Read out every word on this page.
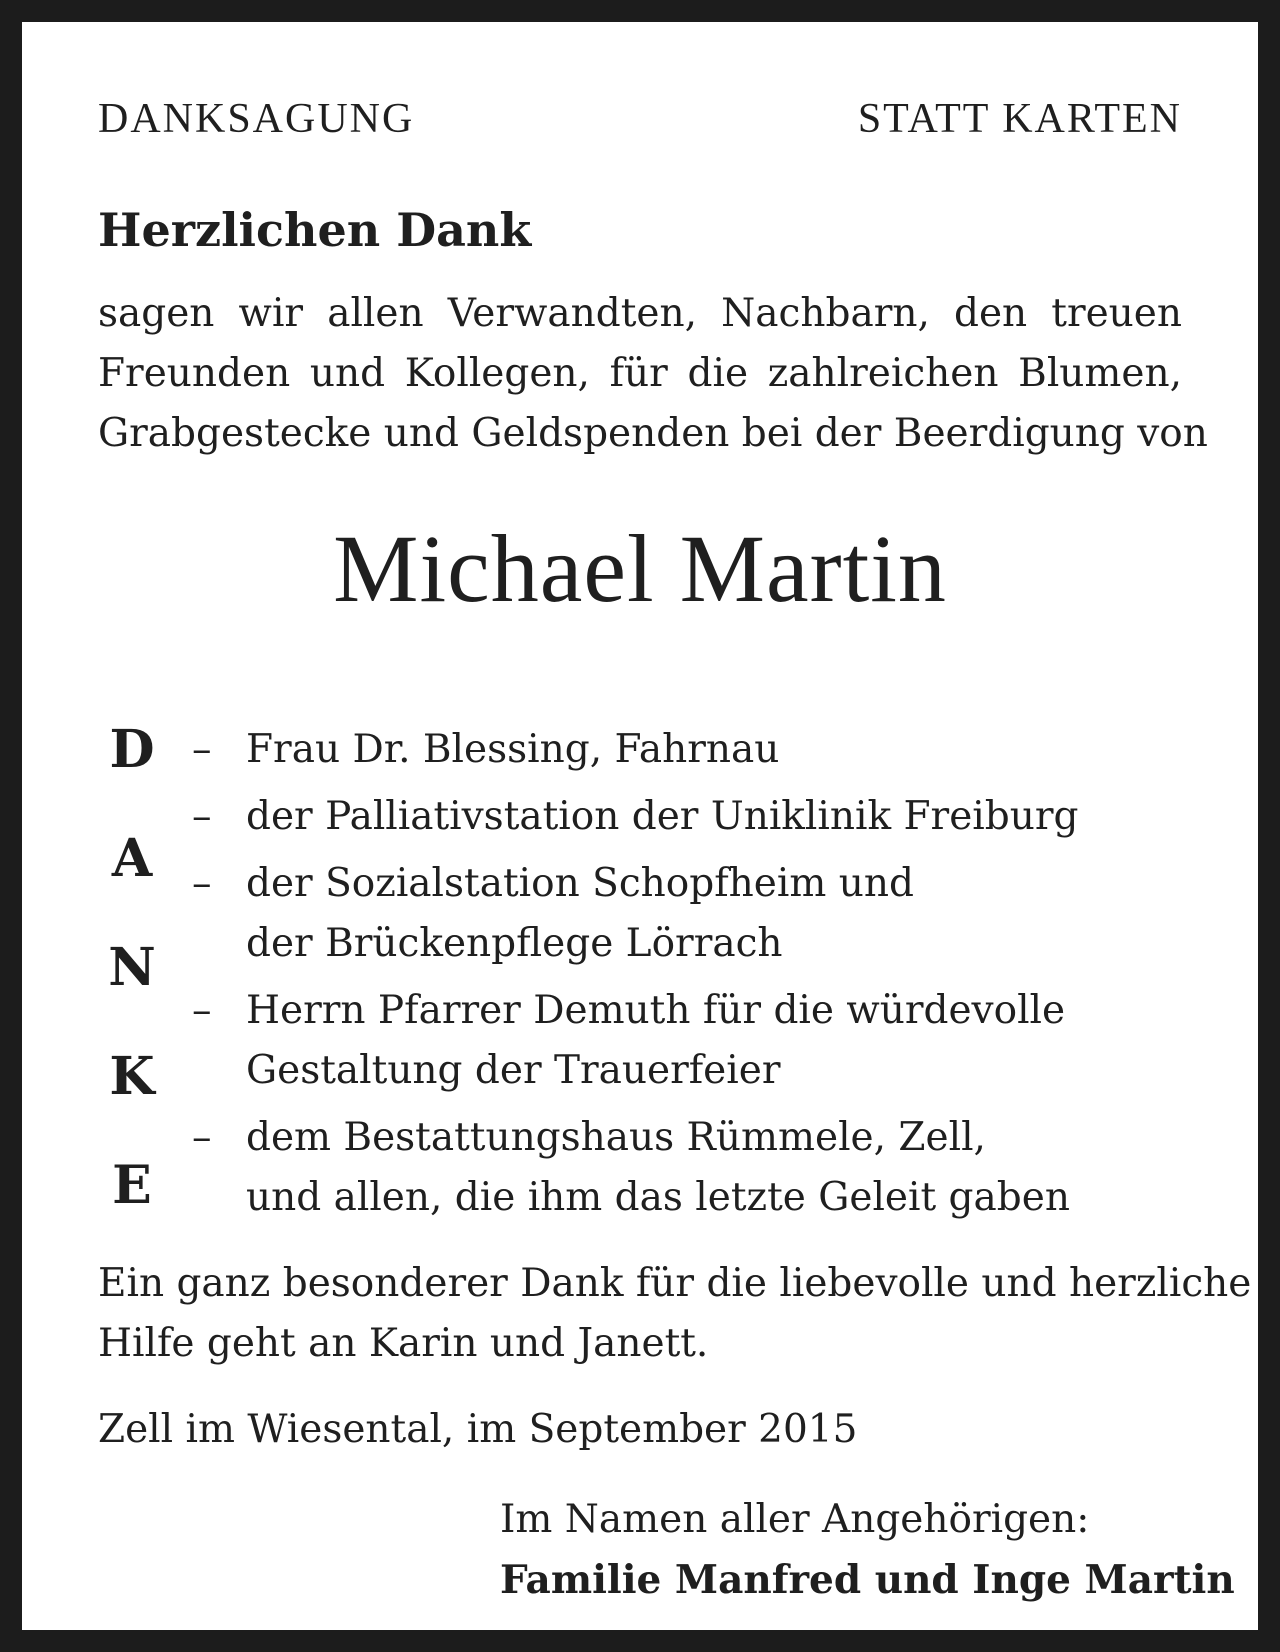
DANKSAGUNG	STATT KARTEN
Herzlichen Dank
sagen wir allen Verwandten, Nachbarn, den treuen
Freunden und Kollegen, für die zahlreichen Blumen,
Grabgestecke und Geldspenden bei der Beerdigung von
Michael Martin
D
A
N
K
E
– Frau Dr. Blessing, Fahrnau
– der Palliativstation der Uniklinik Freiburg
– der Sozialstation Schopfheim und
der Brückenpflege Lörrach
– Herrn Pfarrer Demuth für die würdevolle
Gestaltung der Trauerfeier
– dem Bestattungshaus Rümmele, Zell,
und allen, die ihm das letzte Geleit gaben
Ein ganz besonderer Dank für die liebevolle und herzliche
Hilfe geht an Karin und Janett.
Zell im Wiesental, im September 2015
Im Namen aller Angehörigen:
Familie Manfred und Inge Martin
